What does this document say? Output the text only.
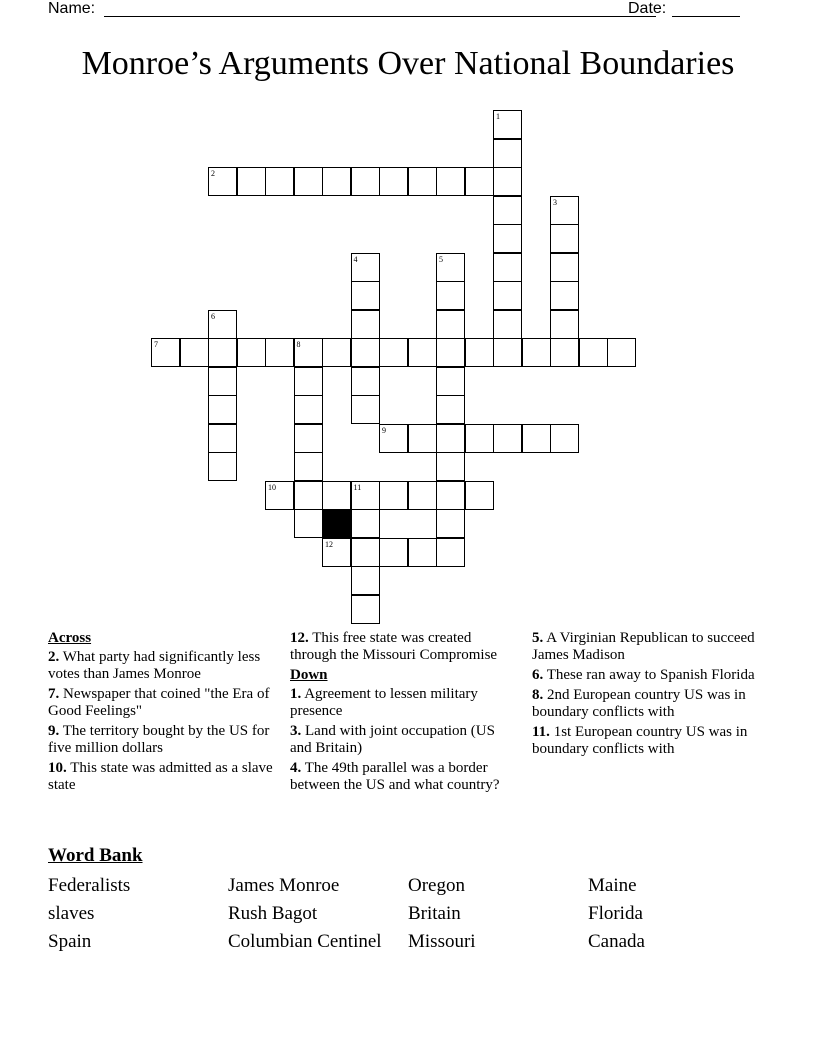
Name:	Date:
Monroe’s Arguments Over National Boundaries
1
2
3
4	5
6
7	8
9
10	11
12
Across

2. What party had significantly less votes than James Monroe

7. Newspaper that coined "the Era of Good Feelings"

9. The territory bought by the US for five million dollars

10. This state was admitted as a slave state

12. This free state was created through the Missouri Compromise

Down

1. Agreement to lessen military presence

3. Land with joint occupation (US and Britain)

4. The 49th parallel was a border between the US and what country?

5. A Virginian Republican to succeed James Madison

6. These ran away to Spanish Florida

8. 2nd European country US was in boundary conflicts with

11. 1st European country US was in boundary conflicts with

Word Bank
Federalists	James Monroe	Oregon	Maine
slaves	Rush Bagot	Britain	Florida
Spain	Columbian Centinel	Missouri	Canada
